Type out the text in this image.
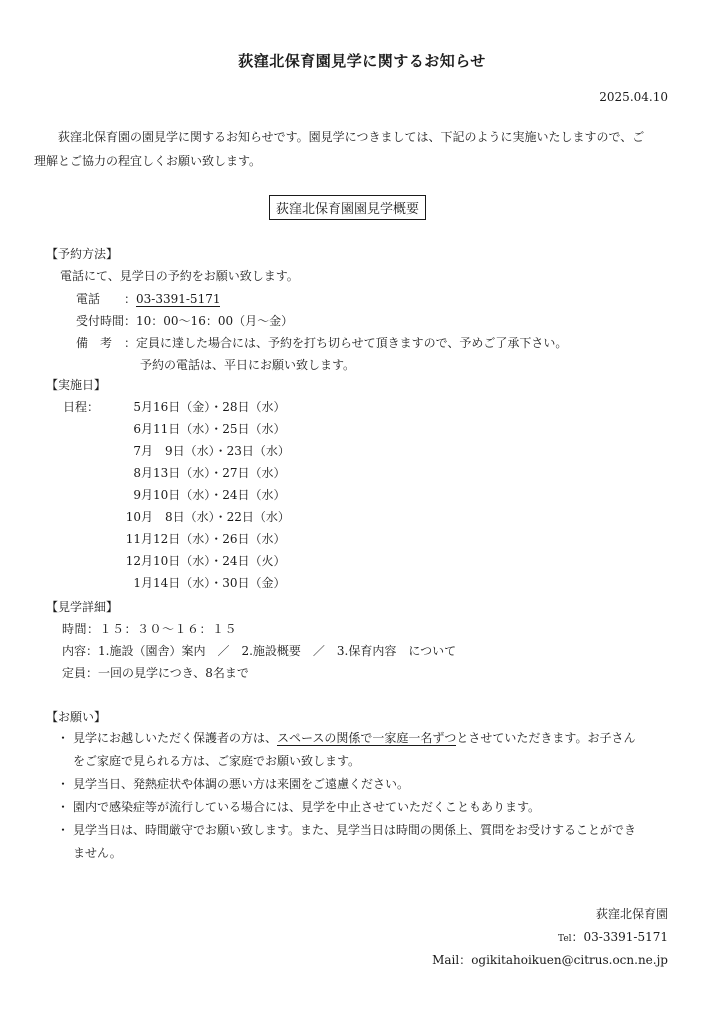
荻窪北保育園見学に関するお知らせ
2025.04.10

荻窪北保育園の園見学に関するお知らせです。園見学につきましては、下記のように実施いたしますので、ご
理解とご協力の程宜しくお願い致します。

荻窪北保育園園見学概要
【予約方法】
電話にて、見学日の予約をお願い致します。
電話　　：03-3391-5171
受付時間：10：00〜16：00（月〜金）
備　考　：定員に達した場合には、予約を打ち切らせて頂きますので、予めご了承下さい。
予約の電話は、平日にお願い致します。
【実施日】
日程：	5月 16日（金）・28日（水）
6月 11日（水）・25日（水）
7月 　9日（水）・23日（水）
8月 13日（水）・27日（水）
9月 10日（水）・24日（水）
10月 　8日（水）・22日（水）
11月 12日（水）・26日（水）
12月 10日（水）・24日（火）
1月 14日（水）・30日（金）
【見学詳細】
時間：１５：３０〜１６：１５
内容：1.施設（園舎）案内　／　2.施設概要　／　3.保育内容　について
定員：一回の見学につき、8名まで
【お願い】
・ 見学にお越しいただく保護者の方は、スペースの関係で一家庭一名ずつとさせていただきます。お子さん
をご家庭で見られる方は、ご家庭でお願い致します。
・ 見学当日、発熱症状や体調の悪い方は来園をご遠慮ください。
・ 園内で感染症等が流行している場合には、見学を中止させていただくこともあります。
・ 見学当日は、時間厳守でお願い致します。また、見学当日は時間の関係上、質問をお受けすることができ
ません。
荻窪北保育園
Tel：03-3391-5171
Mail：ogikitahoikuen@citrus.ocn.ne.jp
